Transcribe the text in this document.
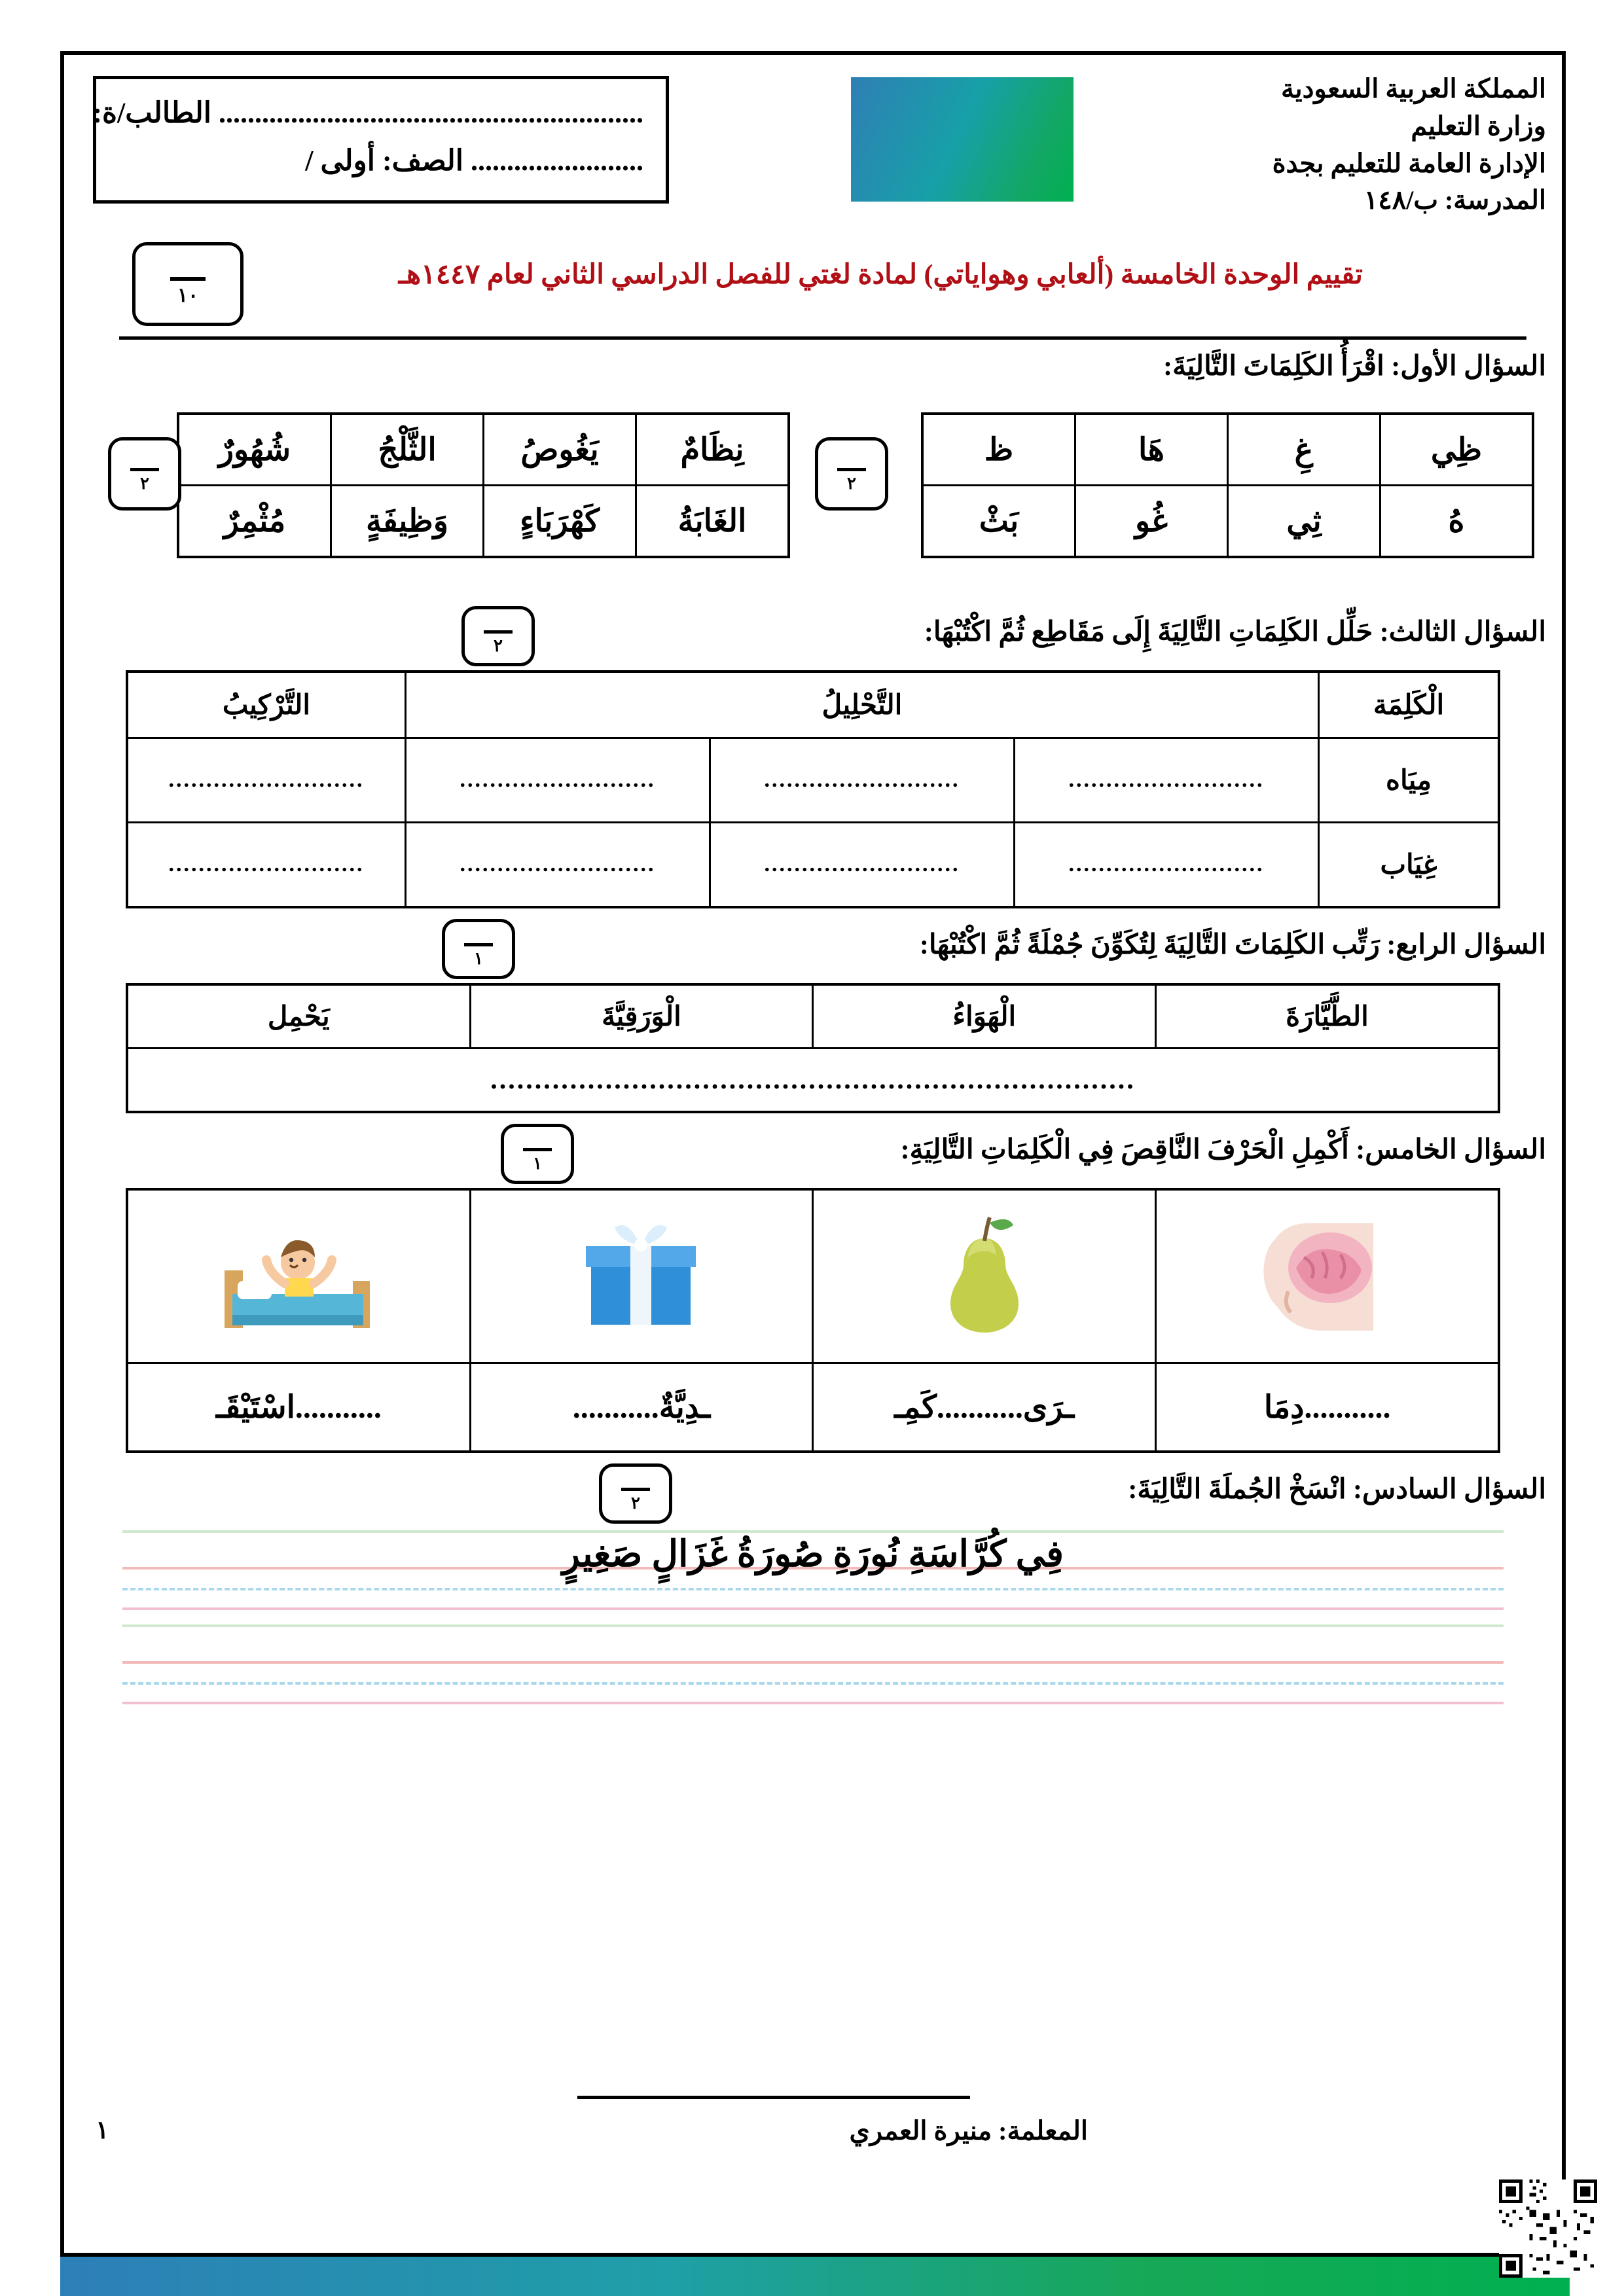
........................................................... الطالب/ة:
........................ الصف: أولى /
المملكة العربية السعودية
وزارة التعليم
الإدارة العامة للتعليم بجدة
المدرسة: ب/١٤٨
١٠
تقييم الوحدة الخامسة (ألعابي وهواياتي) لمادة لغتي للفصل الدراسي الثاني لعام ١٤٤٧هـ
السؤال الأول: اقْرَأُ الكَلِمَاتَ التَّالِيَةَ:
ظِي	غِ	هَا	ظ
هُ	ثِي	غُو	بَثْ
٢
نِظَامٌ	يَغُوصُ	الثَّلْجُ	شُهُورٌ
الغَابَةُ	كَهْرَبَاءٍ	وَظِيفَةٍ	مُثْمِرٌ
٢
السؤال الثالث: حَلِّل الكَلِمَاتِ التَّالِيَةَ إِلَى مَقَاطِع ثُمَّ اكْتُبْهَا:
٢
الْكَلِمَة	التَّحْلِيلُ			التَّرْكِيبُ
مِيَاه	..........................	..........................	..........................	..........................
غِيَاب	..........................	..........................	..........................	..........................
السؤال الرابع: رَتِّب الكَلِمَاتَ التَّالِيَةَ لِتُكَوِّنَ جُمْلَةً ثُمَّ اكْتُبْهَا:
١
الطَّيَّارَةَ	الْهَوَاءُ	الْوَرَقِيَّةَ	يَحْمِل
.........................................................................
السؤال الخامس: أَكْمِلِ الْحَرْفَ النَّاقِصَ فِي الْكَلِمَاتِ التَّالِيَةِ:
١

...........دِمَا	ـرَى...........كَمِـ	ـدِيَّةٌ...........	...........اسْتَيْقَـ
السؤال السادس: انْسَخْ الجُملَةَ التَّالِيَةَ:
٢
فِي كُرَّاسَةِ نُورَةِ صُورَةُ غَزَالٍ صَغِيرٍ
المعلمة: منيرة العمري
١
